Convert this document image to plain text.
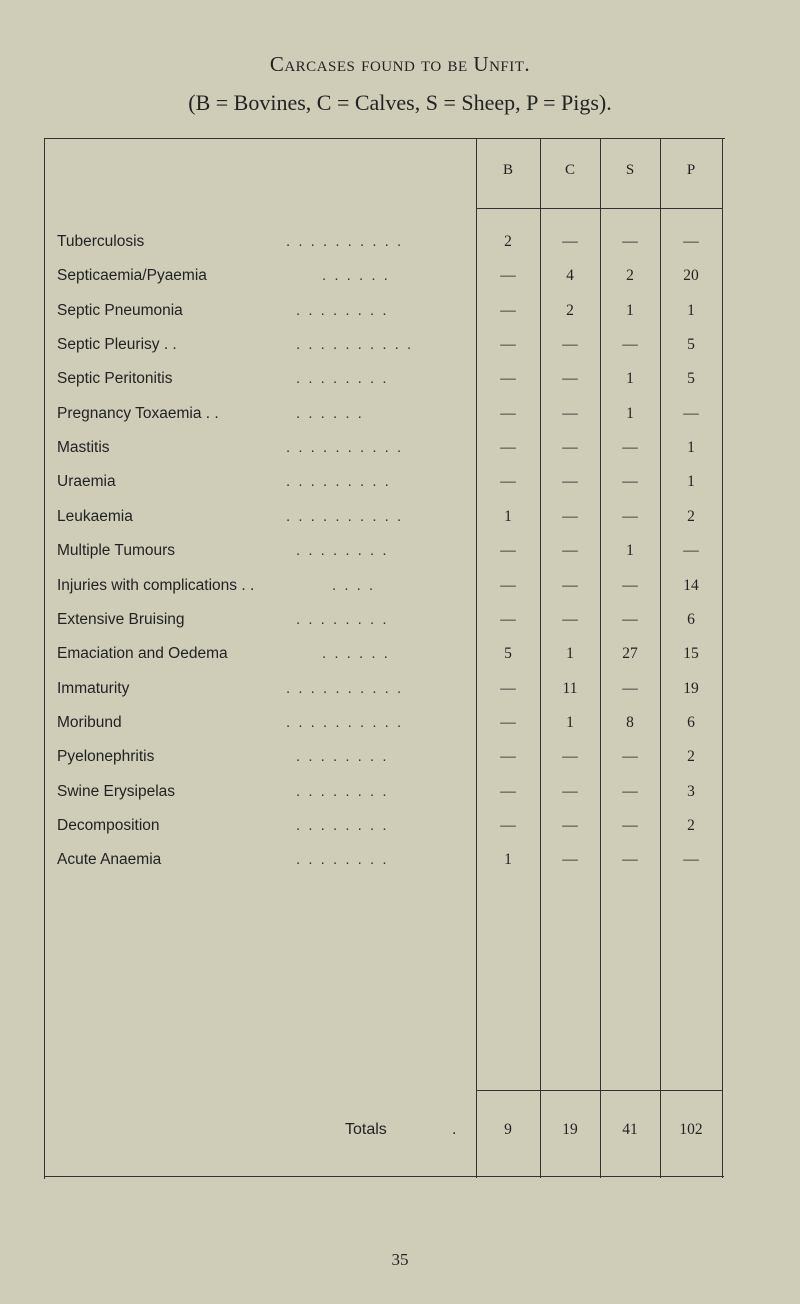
Carcases found to be Unfit.
(B = Bovines, C = Calves, S = Sheep, P = Pigs).
B	C	S	P
Tuberculosis	. . . . . . . . . .	2	—	—	—
Septicaemia/Pyaemia	. . . . . .	—	4	2	20
Septic Pneumonia	. . . . . . . .	—	2	1	1
Septic Pleurisy . .	. . . . . . . . . .	—	—	—	5
Septic Peritonitis	. . . . . . . .	—	—	1	5
Pregnancy Toxaemia . .	. . . . . .	—	—	1	—
Mastitis	. . . . . . . . . .	—	—	—	1
Uraemia	. . . . . . . . .	—	—	—	1
Leukaemia	. . . . . . . . . .	1	—	—	2
Multiple Tumours	. . . . . . . .	—	—	1	—
Injuries with complications . .	. . . .	—	—	—	14
Extensive Bruising	. . . . . . . .	—	—	—	6
Emaciation and Oedema	. . . . . .	5	1	27	15
Immaturity	. . . . . . . . . .	—	11	—	19
Moribund	. . . . . . . . . .	—	1	8	6
Pyelonephritis	. . . . . . . .	—	—	—	2
Swine Erysipelas	. . . . . . . .	—	—	—	3
Decomposition	. . . . . . . .	—	—	—	2
Acute Anaemia	. . . . . . . .	1	—	—	—
Totals	.	9	19	41	102
35
